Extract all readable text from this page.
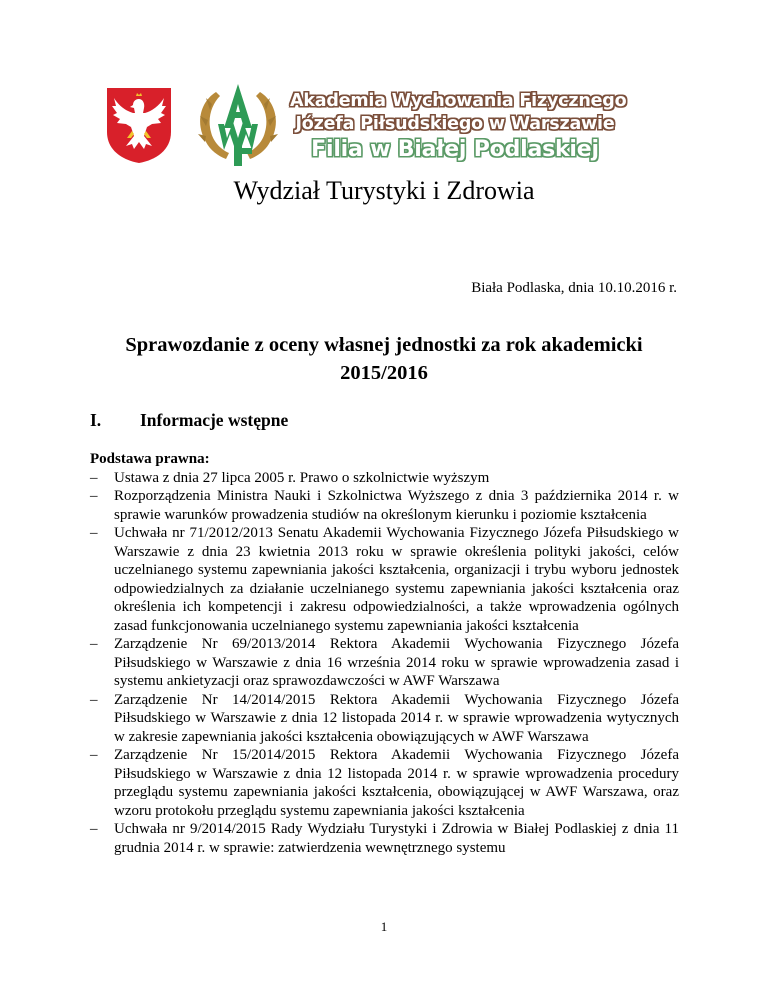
Akademia Wychowania Fizycznego
Józefa Piłsudskiego w Warszawie
Filia w Białej Podlaskiej
Wydział Turystyki i Zdrowia
Biała Podlaska, dnia 10.10.2016 r.
Sprawozdanie z oceny własnej jednostki za rok akademicki
2015/2016
I. Informacje wstępne
Podstawa prawna:
– Ustawa z dnia 27 lipca 2005 r. Prawo o szkolnictwie wyższym
– Rozporządzenia Ministra Nauki i Szkolnictwa Wyższego z dnia 3 października 2014 r. w sprawie warunków prowadzenia studiów na określonym kierunku i poziomie kształcenia
– Uchwała nr 71/2012/2013 Senatu Akademii Wychowania Fizycznego Józefa Piłsudskiego w Warszawie z dnia 23 kwietnia 2013 roku w sprawie określenia polityki jakości, celów uczelnianego systemu zapewniania jakości kształcenia, organizacji i trybu wyboru jednostek odpowiedzialnych za działanie uczelnianego systemu zapewniania jakości kształcenia oraz określenia ich kompetencji i zakresu odpowiedzialności, a także wprowadzenia ogólnych zasad funkcjonowania uczelnianego systemu zapewniania jakości kształcenia
– Zarządzenie Nr 69/2013/2014 Rektora Akademii Wychowania Fizycznego Józefa Piłsudskiego w Warszawie z dnia 16 września 2014 roku w sprawie wprowadzenia zasad i systemu ankietyzacji oraz sprawozdawczości w AWF Warszawa
– Zarządzenie Nr 14/2014/2015 Rektora Akademii Wychowania Fizycznego Józefa Piłsudskiego w Warszawie z dnia 12 listopada 2014 r. w sprawie wprowadzenia wytycznych w zakresie zapewniania jakości kształcenia obowiązujących w AWF Warszawa
– Zarządzenie Nr 15/2014/2015 Rektora Akademii Wychowania Fizycznego Józefa Piłsudskiego w Warszawie z dnia 12 listopada 2014 r. w sprawie wprowadzenia procedury przeglądu systemu zapewniania jakości kształcenia, obowiązującej w AWF Warszawa, oraz wzoru protokołu przeglądu systemu zapewniania jakości kształcenia
– Uchwała nr 9/2014/2015 Rady Wydziału Turystyki i Zdrowia w Białej Podlaskiej z dnia 11 grudnia 2014 r. w sprawie: zatwierdzenia wewnętrznego systemu
1
